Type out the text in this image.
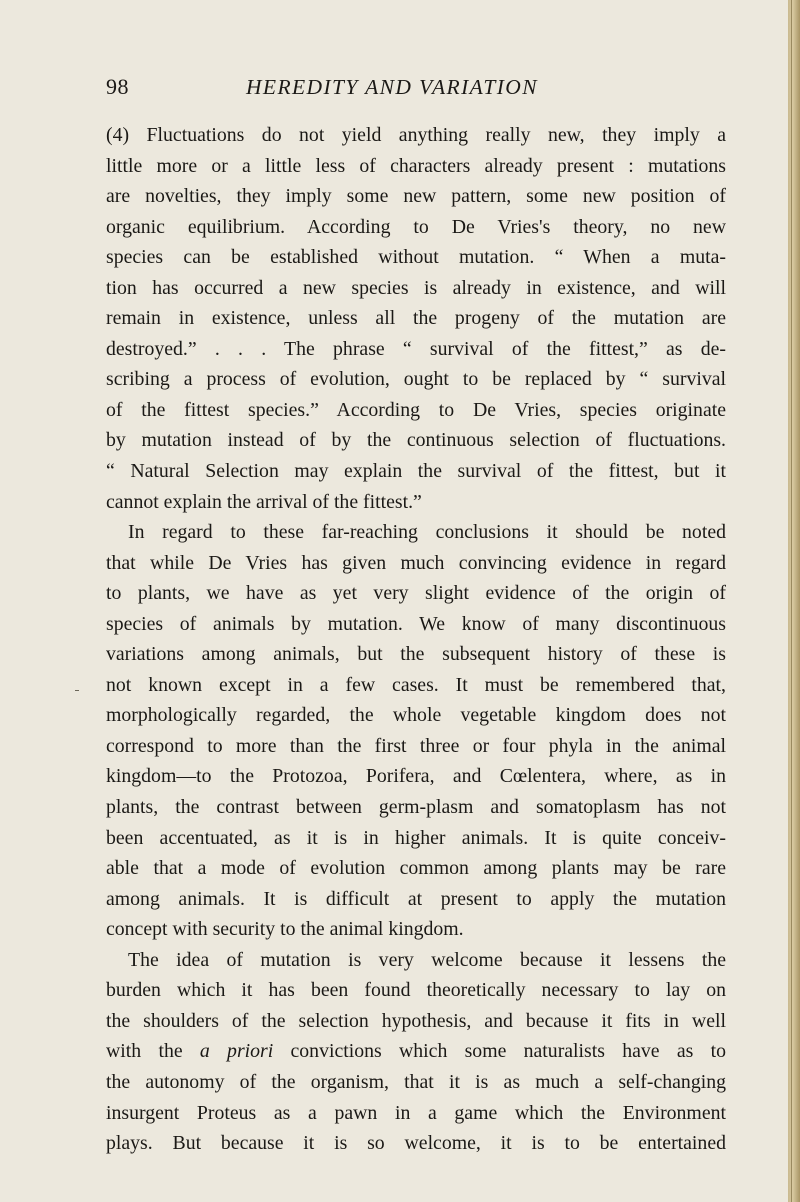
98	HEREDITY AND VARIATION
(4) Fluctuations do not yield anything really new, they imply a
little more or a little less of characters already present : mutations
are novelties, they imply some new pattern, some new position of
organic equilibrium. According to De Vries's theory, no new
species can be established without mutation. “ When a muta-
tion has occurred a new species is already in existence, and will
remain in existence, unless all the progeny of the mutation are
destroyed.” . . . The phrase “ survival of the fittest,” as de-
scribing a process of evolution, ought to be replaced by “ survival
of the fittest species.” According to De Vries, species originate
by mutation instead of by the continuous selection of fluctuations.
“ Natural Selection may explain the survival of the fittest, but it
cannot explain the arrival of the fittest.”
In regard to these far-reaching conclusions it should be noted
that while De Vries has given much convincing evidence in regard
to plants, we have as yet very slight evidence of the origin of
species of animals by mutation. We know of many discontinuous
variations among animals, but the subsequent history of these is
not known except in a few cases. It must be remembered that,
morphologically regarded, the whole vegetable kingdom does not
correspond to more than the first three or four phyla in the animal
kingdom—to the Protozoa, Porifera, and Cœlentera, where, as in
plants, the contrast between germ-plasm and somatoplasm has not
been accentuated, as it is in higher animals. It is quite conceiv-
able that a mode of evolution common among plants may be rare
among animals. It is difficult at present to apply the mutation
concept with security to the animal kingdom.
The idea of mutation is very welcome because it lessens the
burden which it has been found theoretically necessary to lay on
the shoulders of the selection hypothesis, and because it fits in well
with the a priori convictions which some naturalists have as to
the autonomy of the organism, that it is as much a self-changing
insurgent Proteus as a pawn in a game which the Environment
plays. But because it is so welcome, it is to be entertained
